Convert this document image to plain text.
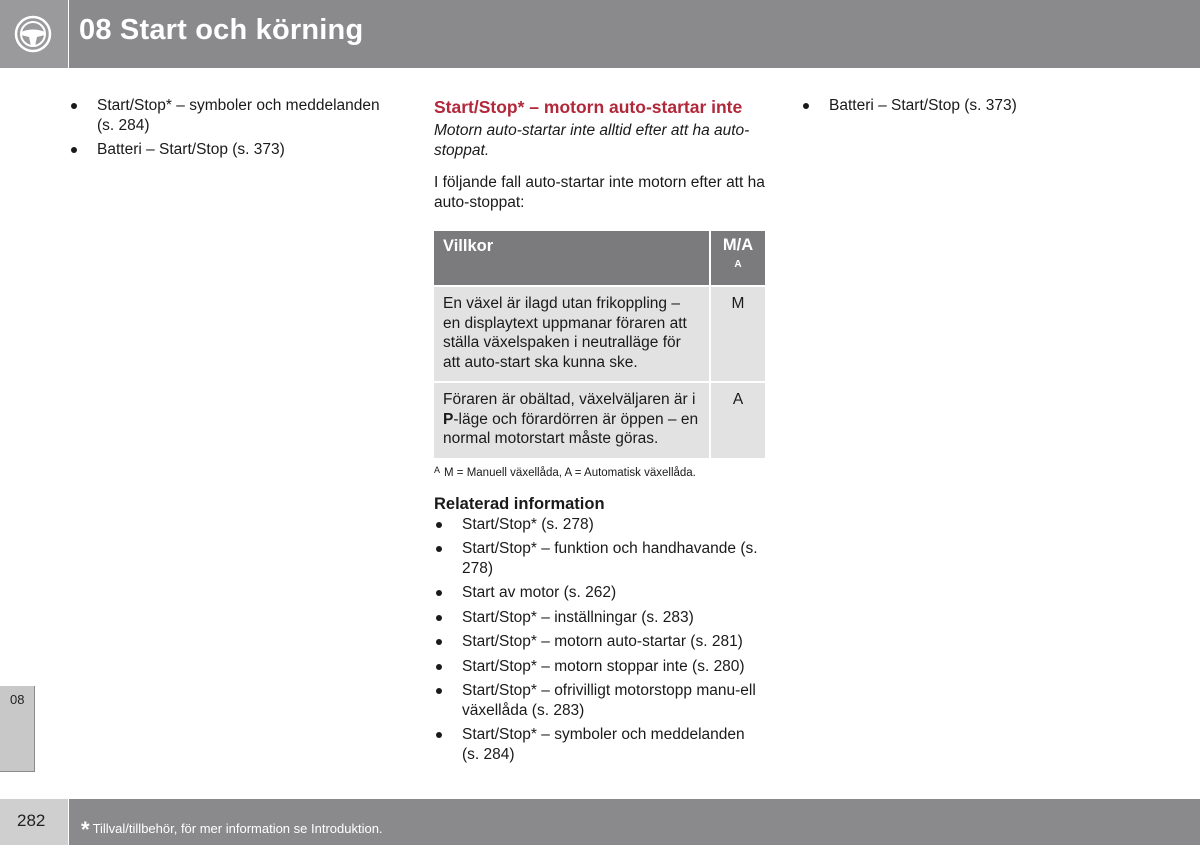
08 Start och körning
Start/Stop* – symboler och meddelanden (s. 284)
Batteri – Start/Stop (s. 373)
Start/Stop* – motorn auto-startar inte
Motorn auto-startar inte alltid efter att ha auto-stoppat.
I följande fall auto-startar inte motorn efter att ha auto-stoppat:
Villkor	M/A
A

En växel är ilagd utan frikoppling – en displaytext uppmanar föraren att ställa växelspaken i neutralläge för att auto-start ska kunna ske.	M
Föraren är obältad, växelväljaren är i P-läge och förardörren är öppen – en normal motorstart måste göras.	A
$^A$ M = Manuell växellåda, A = Automatisk växellåda.
Relaterad information
Start/Stop* (s. 278)
Start/Stop* – funktion och handhavande (s. 278)
Start av motor (s. 262)
Start/Stop* – inställningar (s. 283)
Start/Stop* – motorn auto-startar (s. 281)
Start/Stop* – motorn stoppar inte (s. 280)
Start/Stop* – ofrivilligt motorstopp manu-ell växellåda (s. 283)
Start/Stop* – symboler och meddelanden (s. 284)
Batteri – Start/Stop (s. 373)
08
282 * Tillval/tillbehör, för mer information se Introduktion.
